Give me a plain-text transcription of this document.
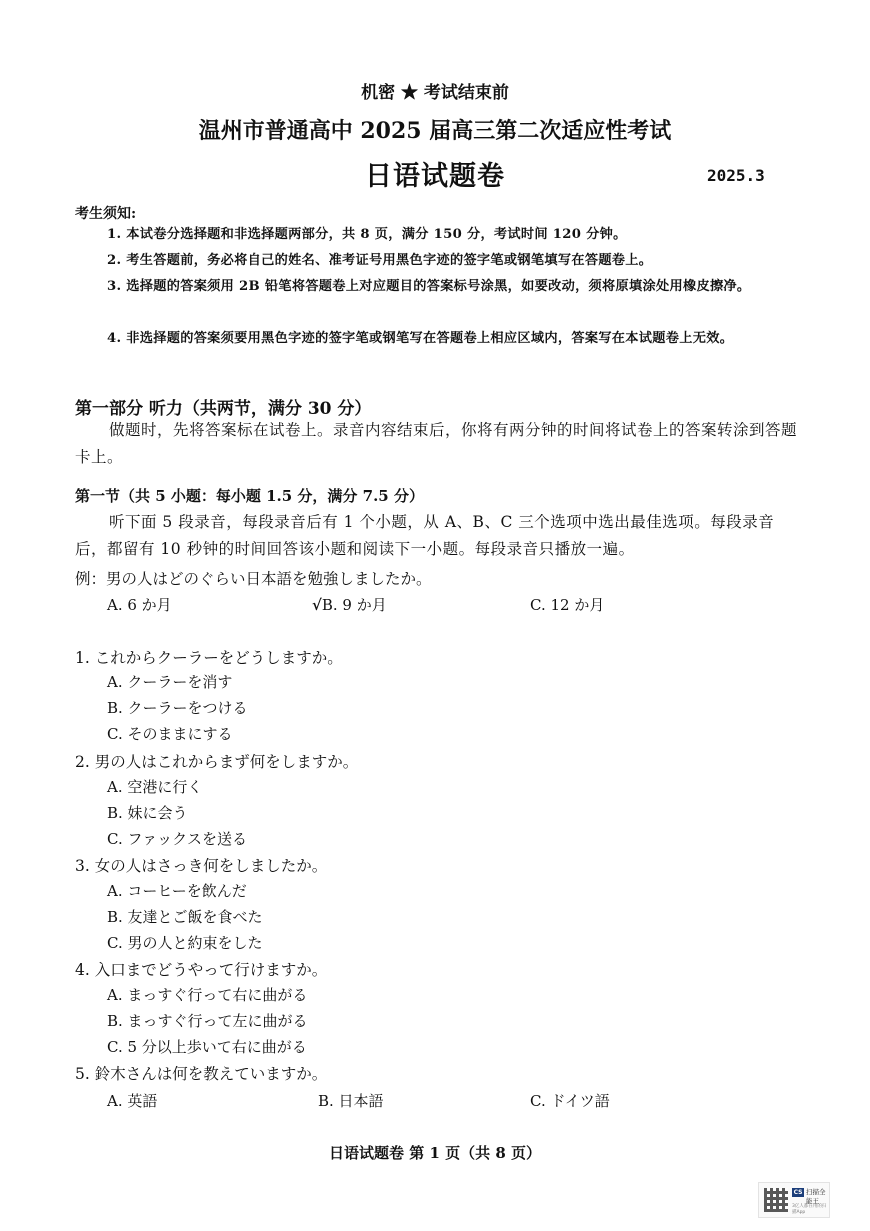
机密 ★ 考试结束前
温州市普通高中 2025 届高三第二次适应性考试
日语试题卷	2025.3
考生须知:
1. 本试卷分选择题和非选择题两部分，共 8 页，满分 150 分，考试时间 120 分钟。
2. 考生答题前，务必将自己的姓名、准考证号用黑色字迹的签字笔或钢笔填写在答题卷上。
3. 选择题的答案须用 2B 铅笔将答题卷上对应题目的答案标号涂黑，如要改动，须将原填涂处用橡皮擦净。
4. 非选择题的答案须要用黑色字迹的签字笔或钢笔写在答题卷上相应区域内，答案写在本试题卷上无效。
第一部分 听力（共两节，满分 30 分）
做题时，先将答案标在试卷上。录音内容结束后，你将有两分钟的时间将试卷上的答案转涂到答题卡上。
第一节（共 5 小题：每小题 1.5 分，满分 7.5 分）
听下面 5 段录音，每段录音后有 1 个小题，从 A、B、C 三个选项中选出最佳选项。每段录音后，都留有 10 秒钟的时间回答该小题和阅读下一小题。每段录音只播放一遍。
例：男の人はどのぐらい日本語を勉強しましたか。
A. 6 か月	√B. 9 か月	C. 12 か月
1. これからクーラーをどうしますか。
A. クーラーを消す
B. クーラーをつける
C. そのままにする
2. 男の人はこれからまず何をしますか。
A. 空港に行く
B. 妹に会う
C. ファックスを送る
3. 女の人はさっき何をしましたか。
A. コーヒーを飲んだ
B. 友達とご飯を食べた
C. 男の人と約束をした
4. 入口までどうやって行けますか。
A. まっすぐ行って右に曲がる
B. まっすぐ行って左に曲がる
C. 5 分以上歩いて右に曲がる
5. 鈴木さんは何を教えていますか。
A. 英語	B. 日本語	C. ドイツ語
日语试题卷 第 1 页（共 8 页）
CS 扫描全能王
3亿人都在用的扫描App
